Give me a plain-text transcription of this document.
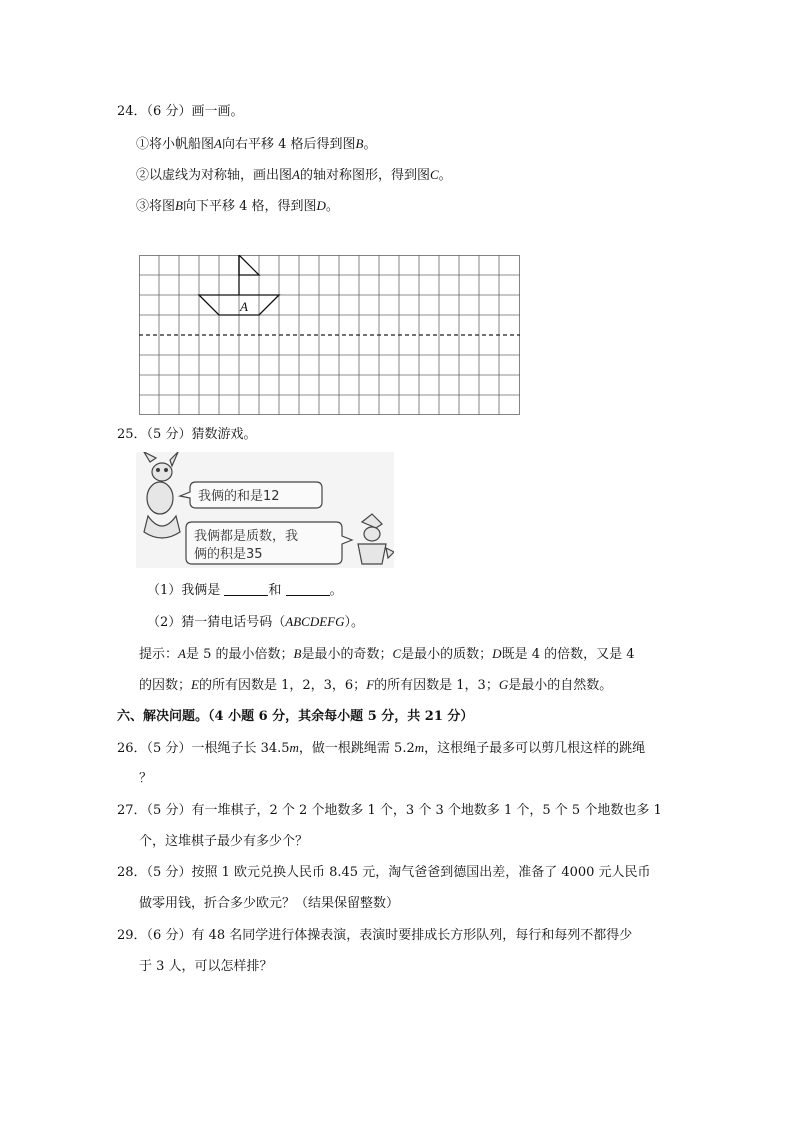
24．（6 分）画一画。
①将小帆船图A向右平移 4 格后得到图B。
②以虚线为对称轴，画出图A的轴对称图形，得到图C。
③将图B向下平移 4 格，得到图D。
A
25．（5 分）猜数游戏。
我俩的和是12
我俩都是质数，我
俩的积是35
（1）我俩是	和	。
（2）猜一猜电话号码（ABCDEFG）。
提示：A是 5 的最小倍数；B是最小的奇数；C是最小的质数；D既是 4 的倍数，又是 4
的因数；E的所有因数是 1，2，3，6；F的所有因数是 1，3；G是最小的自然数。
六、解决问题。（4 小题 6 分，其余每小题 5 分，共 21 分）
26．（5 分）一根绳子长 34.5m，做一根跳绳需 5.2m，这根绳子最多可以剪几根这样的跳绳
？
27．（5 分）有一堆棋子，2 个 2 个地数多 1 个，3 个 3 个地数多 1 个，5 个 5 个地数也多 1
个，这堆棋子最少有多少个？
28．（5 分）按照 1 欧元兑换人民币 8.45 元，淘气爸爸到德国出差，准备了 4000 元人民币
做零用钱，折合多少欧元？（结果保留整数）
29．（6 分）有 48 名同学进行体操表演，表演时要排成长方形队列，每行和每列不都得少
于 3 人，可以怎样排？
